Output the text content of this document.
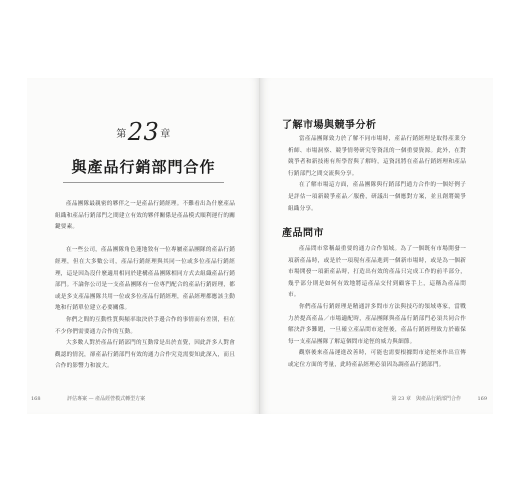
第23章
與產品行銷部門合作

產品團隊最親密的夥伴之一是產品行銷經理。不難看出為什麼產品組織和產品行銷部門之間建立有效的夥伴關係是產品模式順利運行的關鍵要素。

在一些公司，產品團隊角色蓮地敘有一位專屬產品團隊的產品行銷經理，但在大多數公司，產品行銷經理與其同一位或多位產品行銷經理，這是因為沒什麼適用相同於建構產品團隊相同方式去組織產品行銷部門。不論你公司是一支產品團隊有一位專門配合的產品行銷經理，都或是多支產品團隊共用一位或多位產品行銷經理，產品經理都應該主動地和行銷單位建立必要關係。

你們之間的互動性質與頻率取決於手邊合作的事情而有差別，但在不少你們需要通力合作的互動。

大多數人對於產品行銷部門的互動常是出於直覺，因此許多人對會觀認的情況，卻產品行銷部門有效的通力合作究竟需要知此深入，而且合作的影響力和波大。

168	評估專案 — 產品經營模式轉型方案
了解市場與競爭分析

當產品團隊致力於了解不同市場時，產品行銷經理是取得產業分析師、市場洞察、競爭情勢研究等資訊的一個重要資源。此外，在對競爭者和新技術有所學習與了解時，這資訊將在產品行銷經理和產品行銷部門之間交流與分享。

在了解市場這方面，產品團隊與行銷部門通力合作的一個好例子是評估一項新競爭產品／服務，研議出一個應對方案，並且創將競爭組織分享。

產品問市

產品問市常稱最重要的通力合作領域。為了一個既有市場開發一項新產品時，或是於一項現有產品進到一個新市場時，或是為一個新市場開發一項新產品時，打造出有效的產品只完成工作的前半部分，幾乎部分則是如何有效地將這產品交付到顧客手上，這稱為產品問市。

你們產品行銷經理是精通評多問市方法與技巧的領域專家，當戰力於提高產品／市場適配時，產品團隊與產品行銷部門必須共同合作解決許多難題，一旦確立產品問市途徑後，產品行銷經理致力於確保每一支產品團隊了解這個問市途徑的威力與細節。

觀察後來產品運進改善時，可能也需要根據問市途徑來作出宣傳或定位方面的考量，此時產品經理必須因為調產品行銷部門。

第 23 章　與產品行銷部門合作	169
